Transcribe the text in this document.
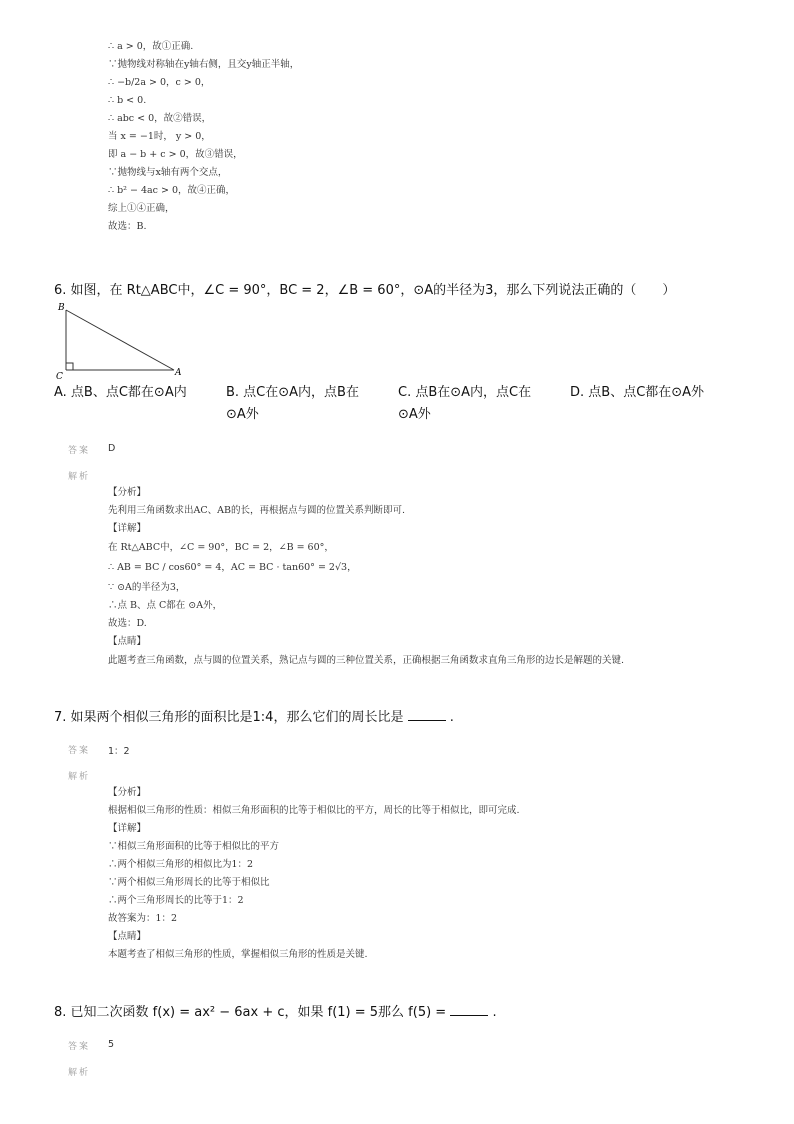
∴ a > 0，故①正确.
∵抛物线对称轴在y轴右侧，且交y轴正半轴，
∴ −b/2a > 0，c > 0，
∴ b < 0.
∴ abc < 0，故②错误，
当 x = −1时， y > 0，
即 a − b + c > 0，故③错误，
∵抛物线与x轴有两个交点，
∴ b² − 4ac > 0，故④正确，
综上①④正确，
故选：B.
6. 如图，在 Rt△ABC中，∠C = 90°，BC = 2，∠B = 60°，⊙A的半径为3，那么下列说法正确的（　　）
B
C	A
A. 点B、点C都在⊙A内	B. 点C在⊙A内，点B在⊙A外
C. 点B在⊙A内，点C在⊙A外
D. 点B、点C都在⊙A外
答案 D
解析
【分析】
先利用三角函数求出AC、AB的长，再根据点与圆的位置关系判断即可.
【详解】
在 Rt△ABC中，∠C = 90°，BC = 2，∠B = 60°，
∴ AB = BC / cos60° = 4，AC = BC · tan60° = 2√3，
∵ ⊙A的半径为3，
∴点 B、点 C都在 ⊙A外，
故选：D.
【点睛】
此题考查三角函数，点与圆的位置关系，熟记点与圆的三种位置关系，正确根据三角函数求直角三角形的边长是解题的关键.
7. 如果两个相似三角形的面积比是1:4，那么它们的周长比是	.
答案 1：2
解析
【分析】
根据相似三角形的性质：相似三角形面积的比等于相似比的平方，周长的比等于相似比，即可完成.
【详解】
∵相似三角形面积的比等于相似比的平方
∴两个相似三角形的相似比为1：2
∵两个相似三角形周长的比等于相似比
∴两个三角形周长的比等于1：2
故答案为：1：2
【点睛】
本题考查了相似三角形的性质，掌握相似三角形的性质是关键.
8. 已知二次函数 f(x) = ax² − 6ax + c，如果 f(1) = 5那么 f(5) =	.
答案 5
解析
